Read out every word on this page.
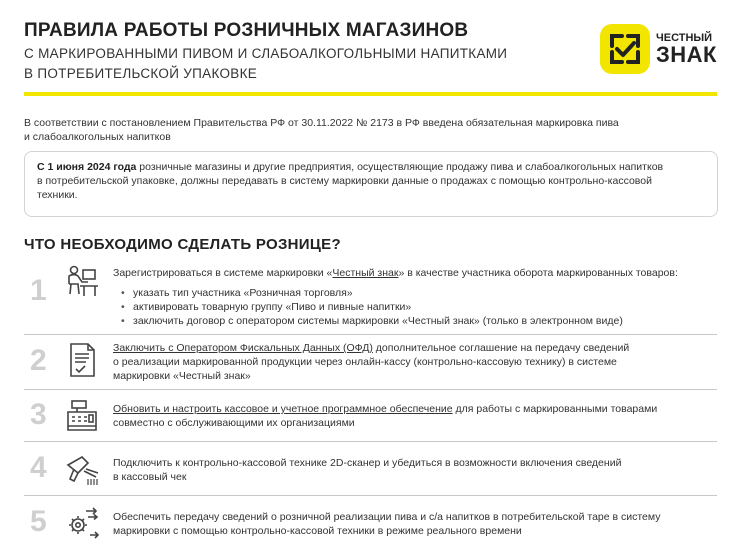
ПРАВИЛА РАБОТЫ РОЗНИЧНЫХ МАГАЗИНОВ
С МАРКИРОВАННЫМИ ПИВОМ И СЛАБОАЛКОГОЛЬНЫМИ НАПИТКАМИ
В ПОТРЕБИТЕЛЬСКОЙ УПАКОВКЕ
ЧЕСТНЫЙ
ЗНАК
В соответствии с постановлением Правительства РФ от 30.11.2022 № 2173 в РФ введена обязательная маркировка пива
и слабоалкогольных напитков
С 1 июня 2024 года розничные магазины и другие предприятия, осуществляющие продажу пива и слабоалкогольных напитков
в потребительской упаковке, должны передавать в систему маркировки данные о продажах с помощью контрольно-кассовой
техники.
ЧТО НЕОБХОДИМО СДЕЛАТЬ РОЗНИЦЕ?
1
Зарегистрироваться в системе маркировки «Честный знак» в качестве участника оборота маркированных товаров:
• указать тип участника «Розничная торговля»
• активировать товарную группу «Пиво и пивные напитки»
• заключить договор с оператором системы маркировки «Честный знак» (только в электронном виде)
2	Заключить с Оператором Фискальных Данных (ОФД) дополнительное соглашение на передачу сведений
о реализации маркированной продукции через онлайн-кассу (контрольно-кассовую технику) в системе
маркировки «Честный знак»
3	Обновить и настроить кассовое и учетное программное обеспечение для работы с маркированными товарами
совместно с обслуживающими их организациями
4	Подключить к контрольно-кассовой технике 2D-сканер и убедиться в возможности включения сведений
в кассовый чек
5	Обеспечить передачу сведений о розничной реализации пива и с/а напитков в потребительской таре в систему
маркировки с помощью контрольно-кассовой техники в режиме реального времени
